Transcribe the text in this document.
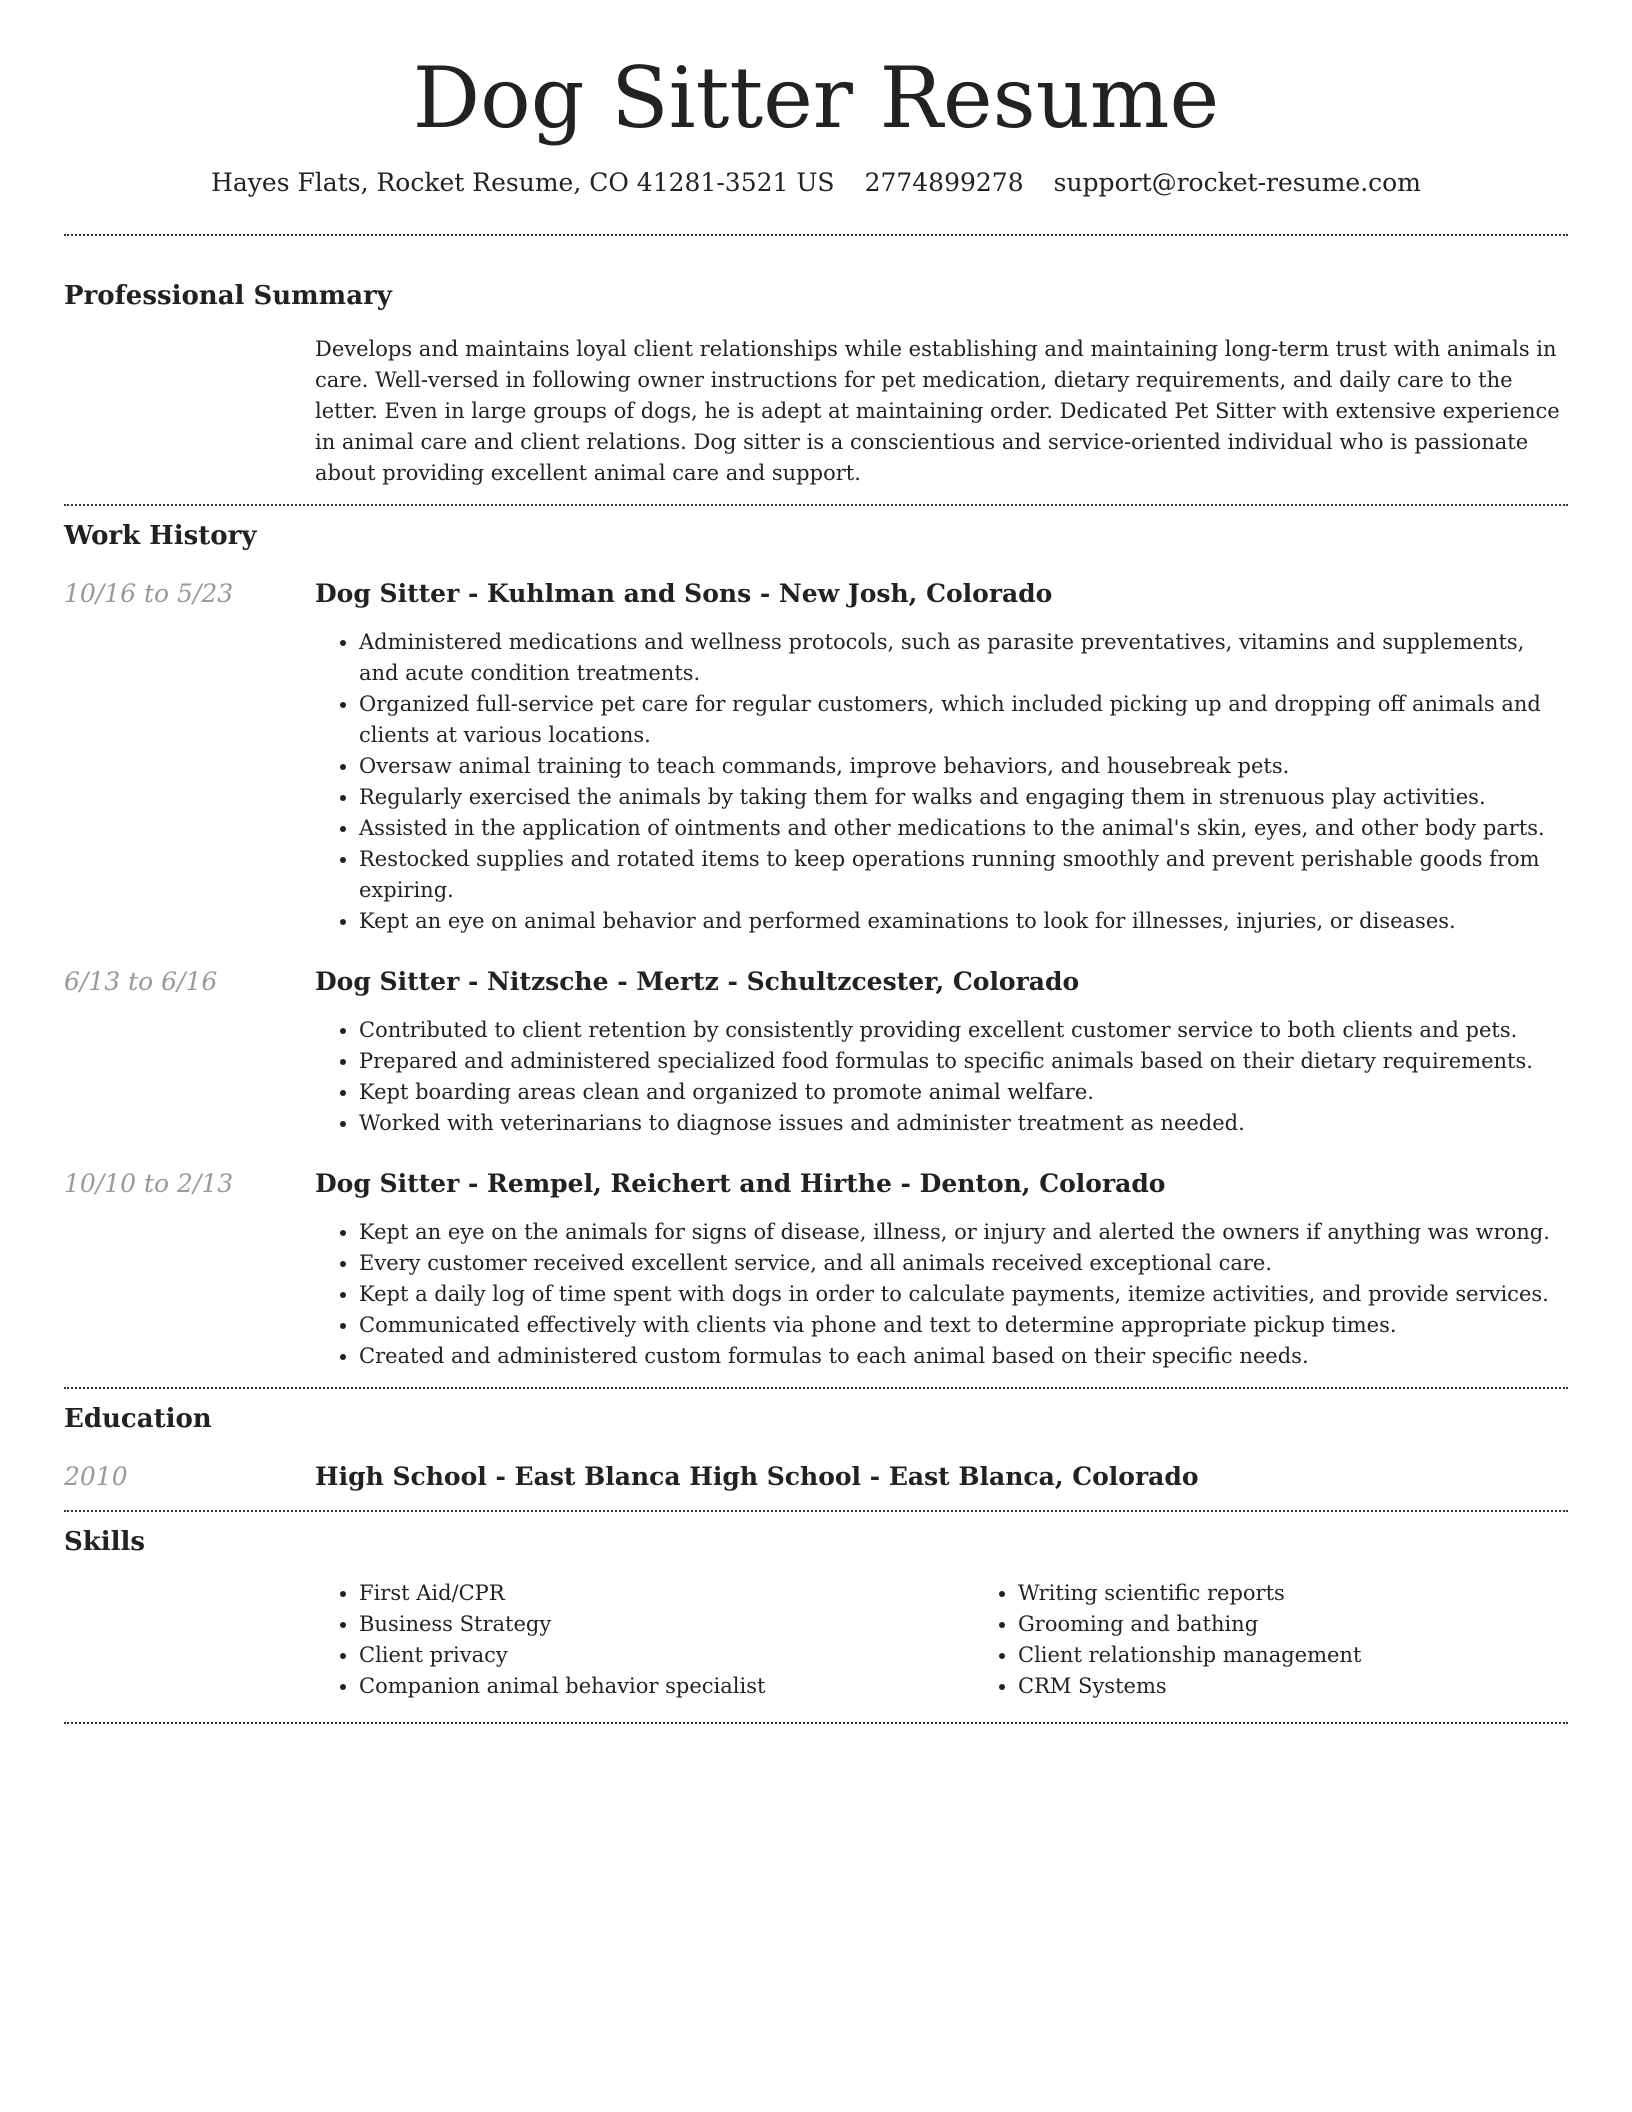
Dog Sitter Resume
Hayes Flats, Rocket Resume, CO 41281-3521 US 2774899278 support@rocket-resume.com
Professional Summary

Develops and maintains loyal client relationships while establishing and maintaining long-term trust with animals in care. Well-versed in following owner instructions for pet medication, dietary requirements, and daily care to the letter. Even in large groups of dogs, he is adept at maintaining order. Dedicated Pet Sitter with extensive experience in animal care and client relations. Dog sitter is a conscientious and service-oriented individual who is passionate about providing excellent animal care and support.

Work History
10/16 to 5/23	Dog Sitter - Kuhlman and Sons - New Josh, Colorado
• Administered medications and wellness protocols, such as parasite preventatives, vitamins and supplements, and acute condition treatments.
• Organized full-service pet care for regular customers, which included picking up and dropping off animals and clients at various locations.
• Oversaw animal training to teach commands, improve behaviors, and housebreak pets.
• Regularly exercised the animals by taking them for walks and engaging them in strenuous play activities.
• Assisted in the application of ointments and other medications to the animal's skin, eyes, and other body parts.
• Restocked supplies and rotated items to keep operations running smoothly and prevent perishable goods from expiring.
• Kept an eye on animal behavior and performed examinations to look for illnesses, injuries, or diseases.
6/13 to 6/16	Dog Sitter - Nitzsche - Mertz - Schultzcester, Colorado
• Contributed to client retention by consistently providing excellent customer service to both clients and pets.
• Prepared and administered specialized food formulas to specific animals based on their dietary requirements.
• Kept boarding areas clean and organized to promote animal welfare.
• Worked with veterinarians to diagnose issues and administer treatment as needed.
10/10 to 2/13	Dog Sitter - Rempel, Reichert and Hirthe - Denton, Colorado
• Kept an eye on the animals for signs of disease, illness, or injury and alerted the owners if anything was wrong.
• Every customer received excellent service, and all animals received exceptional care.
• Kept a daily log of time spent with dogs in order to calculate payments, itemize activities, and provide services.
• Communicated effectively with clients via phone and text to determine appropriate pickup times.
• Created and administered custom formulas to each animal based on their specific needs.
Education
2010	High School - East Blanca High School - East Blanca, Colorado
Skills
• First Aid/CPR
• Business Strategy
• Client privacy
• Companion animal behavior specialist
• Writing scientific reports
• Grooming and bathing
• Client relationship management
• CRM Systems
